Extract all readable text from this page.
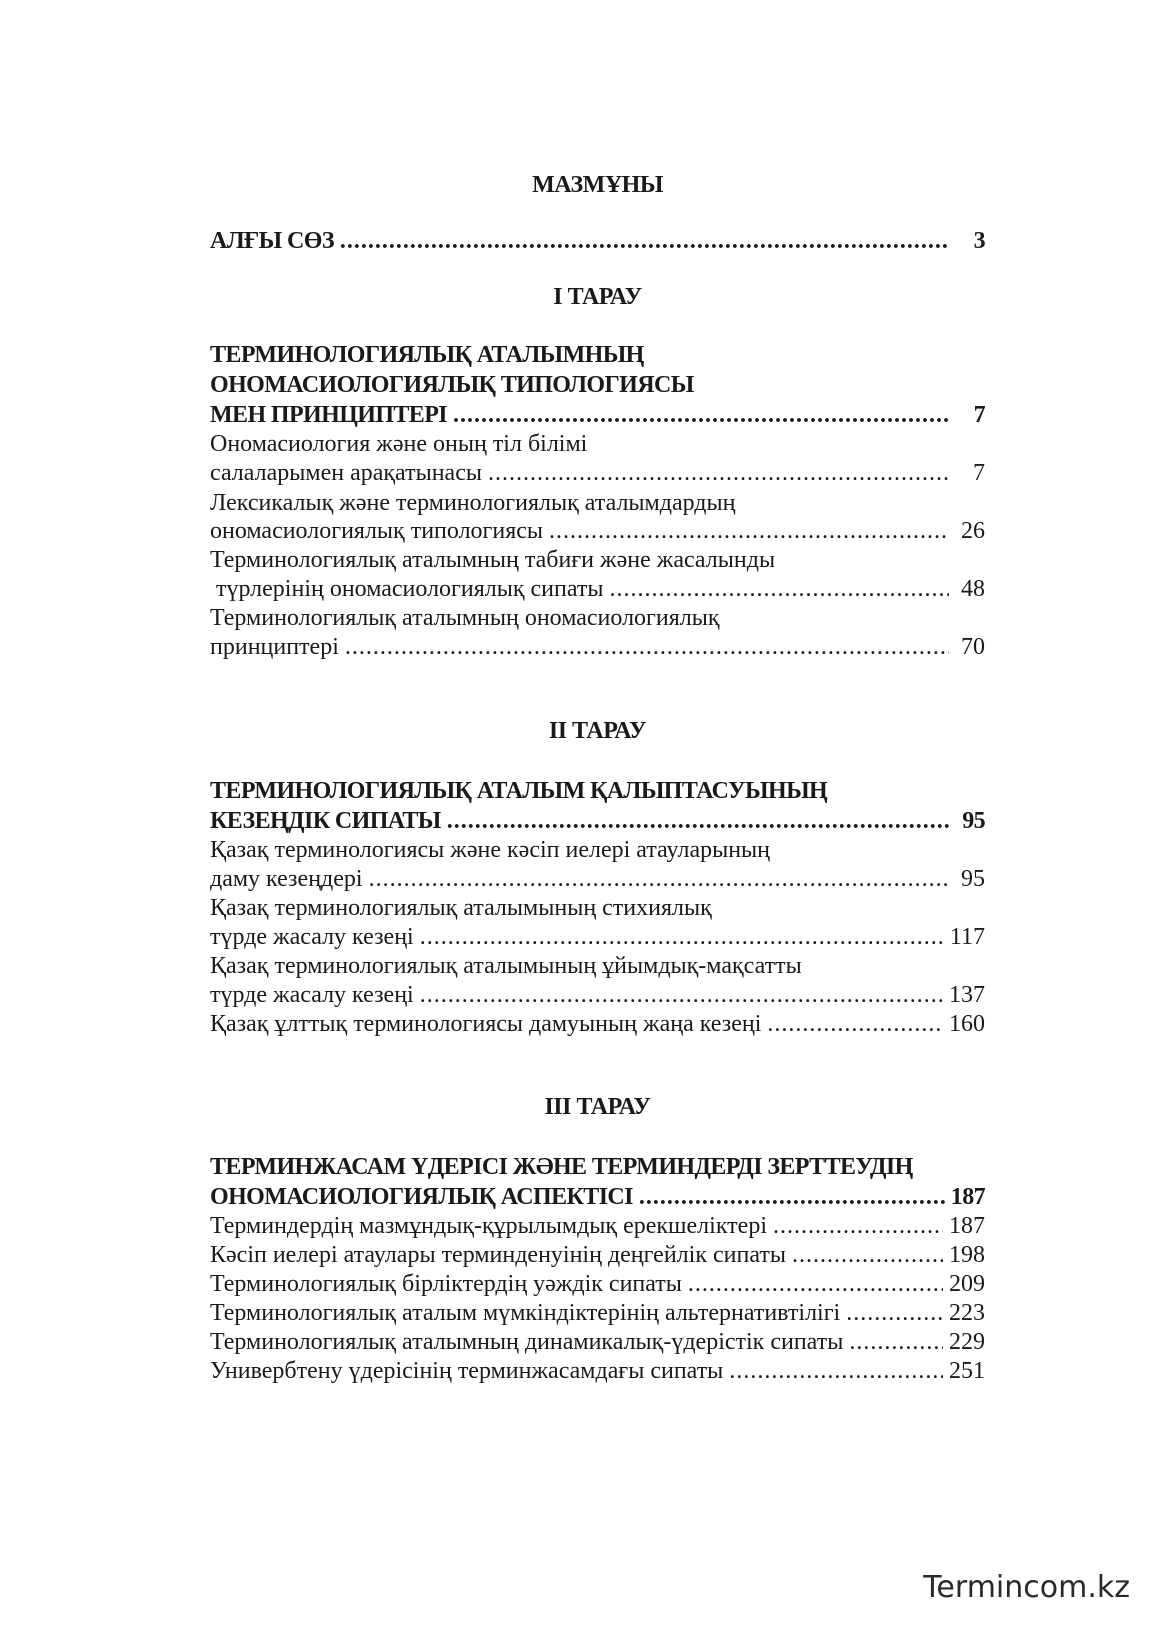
МАЗМҰНЫ
АЛҒЫ СӨЗ .....	3
І ТАРАУ
ТЕРМИНОЛОГИЯЛЫҚ АТАЛЫМНЫҢ
ОНОМАСИОЛОГИЯЛЫҚ ТИПОЛОГИЯСЫ
МЕН ПРИНЦИПТЕРІ .....	7
Ономасиология және оның тіл білімі
салаларымен арақатынасы .....	7
Лексикалық және терминологиялық аталымдардың
ономасиологиялық типологиясы .....	26
Терминологиялық аталымның табиғи және жасалынды
түрлерінің ономасиологиялық сипаты .....	48
Терминологиялық аталымның ономасиологиялық
принциптері .....	70
ІІ ТАРАУ
ТЕРМИНОЛОГИЯЛЫҚ АТАЛЫМ ҚАЛЫПТАСУЫНЫҢ
КЕЗЕҢДІК СИПАТЫ .....	95
Қазақ терминологиясы және кәсіп иелері атауларының
даму кезеңдері .....	95
Қазақ терминологиялық аталымының стихиялық
түрде жасалу кезеңі .....	117
Қазақ терминологиялық аталымының ұйымдық-мақсатты
түрде жасалу кезеңі .....	137
Қазақ ұлттық терминологиясы дамуының жаңа кезеңі .....	160
ІІІ ТАРАУ
ТЕРМИНЖАСАМ ҮДЕРІСІ ЖӘНЕ ТЕРМИНДЕРДІ ЗЕРТТЕУДІҢ
ОНОМАСИОЛОГИЯЛЫҚ АСПЕКТІСІ .....	187
Терминдердің мазмұндық-құрылымдық ерекшеліктері .....	187
Кәсіп иелері атаулары терминденуінің деңгейлік сипаты .....	198
Терминологиялық бірліктердің уәждік сипаты .....	209
Терминологиялық аталым мүмкіндіктерінің альтернативтілігі .....	223
Терминологиялық аталымның динамикалық-үдерістік сипаты .....	229
Универбтену үдерісінің терминжасамдағы сипаты .....	251
Termincom.kz
